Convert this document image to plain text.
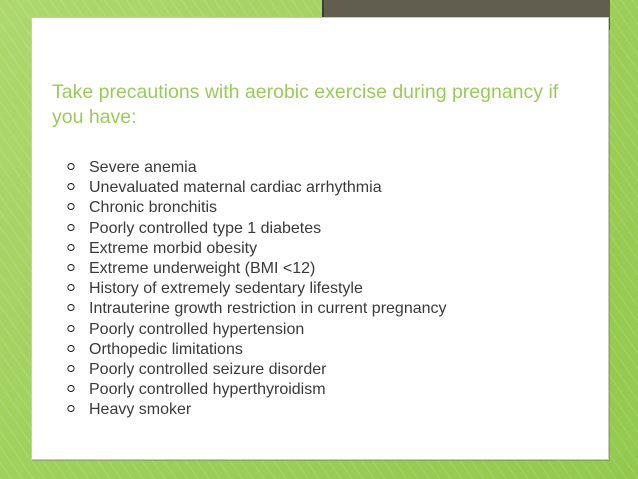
Take precautions with aerobic exercise during pregnancy if you have:
⭘ Severe anemia
⭘ Unevaluated maternal cardiac arrhythmia
⭘ Chronic bronchitis
⭘ Poorly controlled type 1 diabetes
⭘ Extreme morbid obesity
⭘ Extreme underweight (BMI <12)
⭘ History of extremely sedentary lifestyle
⭘ Intrauterine growth restriction in current pregnancy
⭘ Poorly controlled hypertension
⭘ Orthopedic limitations
⭘ Poorly controlled seizure disorder
⭘ Poorly controlled hyperthyroidism
⭘ Heavy smoker
